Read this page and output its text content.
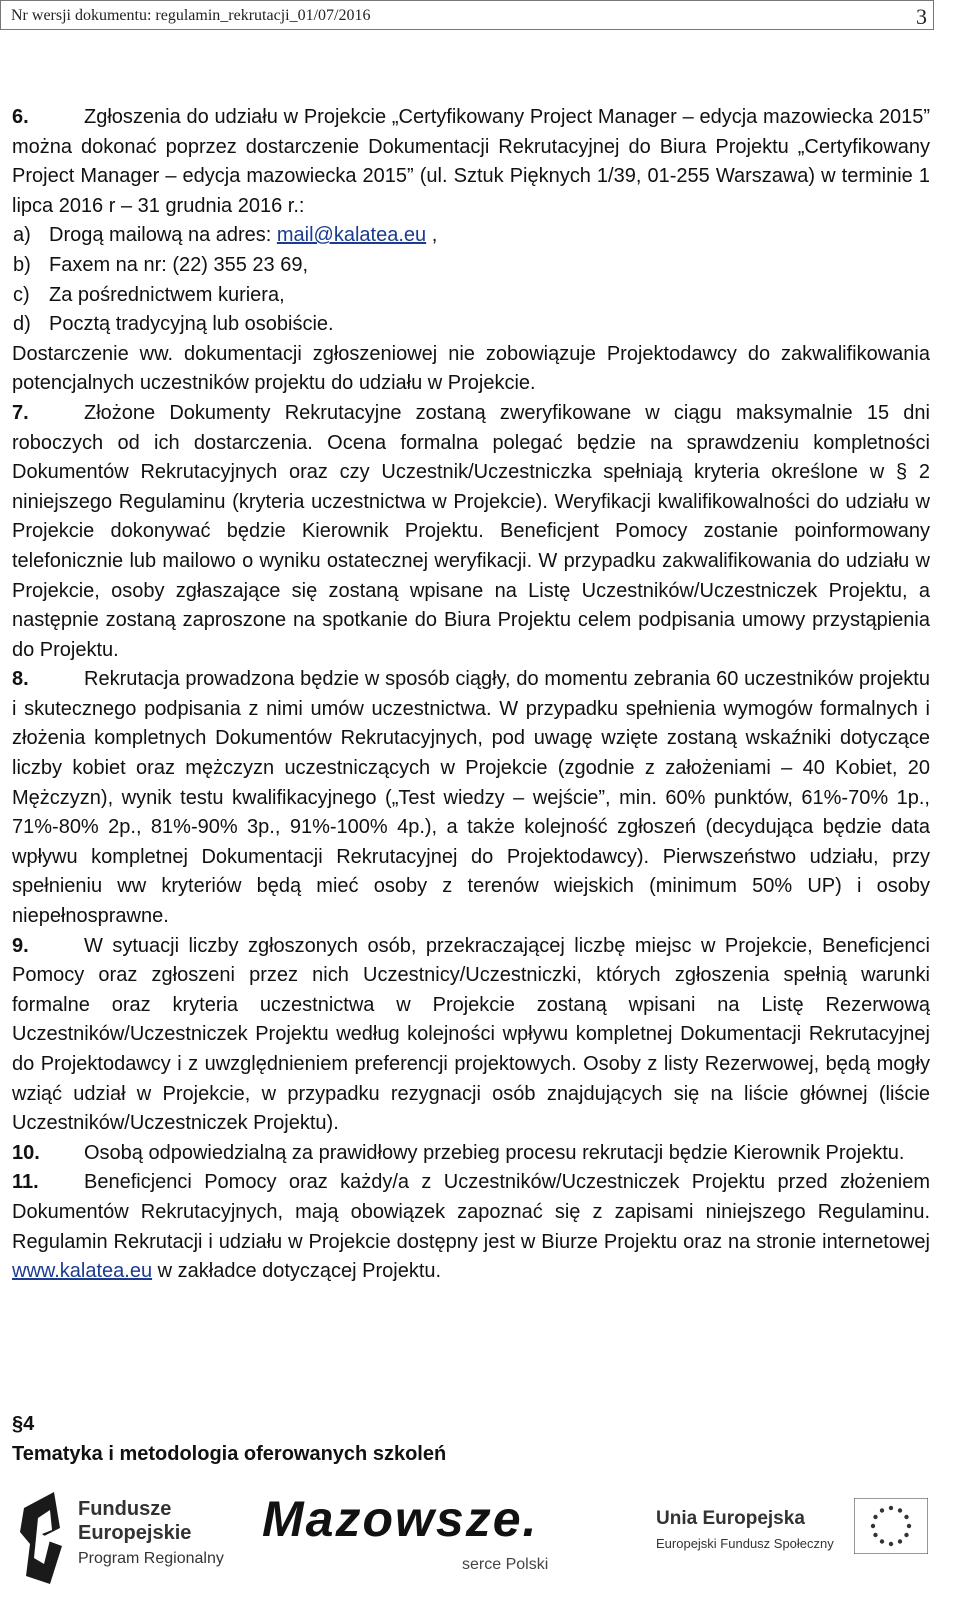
Nr wersji dokumentu: regulamin_rekrutacji_01/07/2016	3

6.	Zgłoszenia do udziału w Projekcie „Certyfikowany Project Manager – edycja mazowiecka 2015” można dokonać poprzez dostarczenie Dokumentacji Rekrutacyjnej do Biura Projektu „Certyfikowany Project Manager – edycja mazowiecka 2015” (ul. Sztuk Pięknych 1/39, 01-255 Warszawa) w terminie 1 lipca 2016 r – 31 grudnia 2016 r.:

a) Drogą mailową na adres: mail@kalatea.eu ,
b) Faxem na nr: (22) 355 23 69,
c) Za pośrednictwem kuriera,
d) Pocztą tradycyjną lub osobiście.

Dostarczenie ww. dokumentacji zgłoszeniowej nie zobowiązuje Projektodawcy do zakwalifikowania potencjalnych uczestników projektu do udziału w Projekcie.

7.	Złożone Dokumenty Rekrutacyjne zostaną zweryfikowane w ciągu maksymalnie 15 dni roboczych od ich dostarczenia. Ocena formalna polegać będzie na sprawdzeniu kompletności Dokumentów Rekrutacyjnych oraz czy Uczestnik/Uczestniczka spełniają kryteria określone w § 2 niniejszego Regulaminu (kryteria uczestnictwa w Projekcie). Weryfikacji kwalifikowalności do udziału w Projekcie dokonywać będzie Kierownik Projektu. Beneficjent Pomocy zostanie poinformowany telefonicznie lub mailowo o wyniku ostatecznej weryfikacji. W przypadku zakwalifikowania do udziału w Projekcie, osoby zgłaszające się zostaną wpisane na Listę Uczestników/Uczestniczek Projektu, a następnie zostaną zaproszone na spotkanie do Biura Projektu celem podpisania umowy przystąpienia do Projektu.

8.	Rekrutacja prowadzona będzie w sposób ciągły, do momentu zebrania 60 uczestników projektu i skutecznego podpisania z nimi umów uczestnictwa. W przypadku spełnienia wymogów formalnych i złożenia kompletnych Dokumentów Rekrutacyjnych, pod uwagę wzięte zostaną wskaźniki dotyczące liczby kobiet oraz mężczyzn uczestniczących w Projekcie (zgodnie z założeniami – 40 Kobiet, 20 Mężczyzn), wynik testu kwalifikacyjnego („Test wiedzy – wejście”, min. 60% punktów, 61%-70% 1p., 71%-80% 2p., 81%-90% 3p., 91%-100% 4p.), a także kolejność zgłoszeń (decydująca będzie data wpływu kompletnej Dokumentacji Rekrutacyjnej do Projektodawcy). Pierwszeństwo udziału, przy spełnieniu ww kryteriów będą mieć osoby z terenów wiejskich (minimum 50% UP) i osoby niepełnosprawne.

9.	W sytuacji liczby zgłoszonych osób, przekraczającej liczbę miejsc w Projekcie, Beneficjenci Pomocy oraz zgłoszeni przez nich Uczestnicy/Uczestniczki, których zgłoszenia spełnią warunki formalne oraz kryteria uczestnictwa w Projekcie zostaną wpisani na Listę Rezerwową Uczestników/Uczestniczek Projektu według kolejności wpływu kompletnej Dokumentacji Rekrutacyjnej do Projektodawcy i z uwzględnieniem preferencji projektowych. Osoby z listy Rezerwowej, będą mogły wziąć udział w Projekcie, w przypadku rezygnacji osób znajdujących się na liście głównej (liście Uczestników/Uczestniczek Projektu).

10. Osobą odpowiedzialną za prawidłowy przebieg procesu rekrutacji będzie Kierownik Projektu.

11. Beneficjenci Pomocy oraz każdy/a z Uczestników/Uczestniczek Projektu przed złożeniem Dokumentów Rekrutacyjnych, mają obowiązek zapoznać się z zapisami niniejszego Regulaminu. Regulamin Rekrutacji i udziału w Projekcie dostępny jest w Biurze Projektu oraz na stronie internetowej www.kalatea.eu w zakładce dotyczącej Projektu.

§4
Tematyka i metodologia oferowanych szkoleń
Fundusze
Europejskie
Program Regionalny
Mazowsze.
serce Polski
Unia Europejska
Europejski Fundusz Społeczny
